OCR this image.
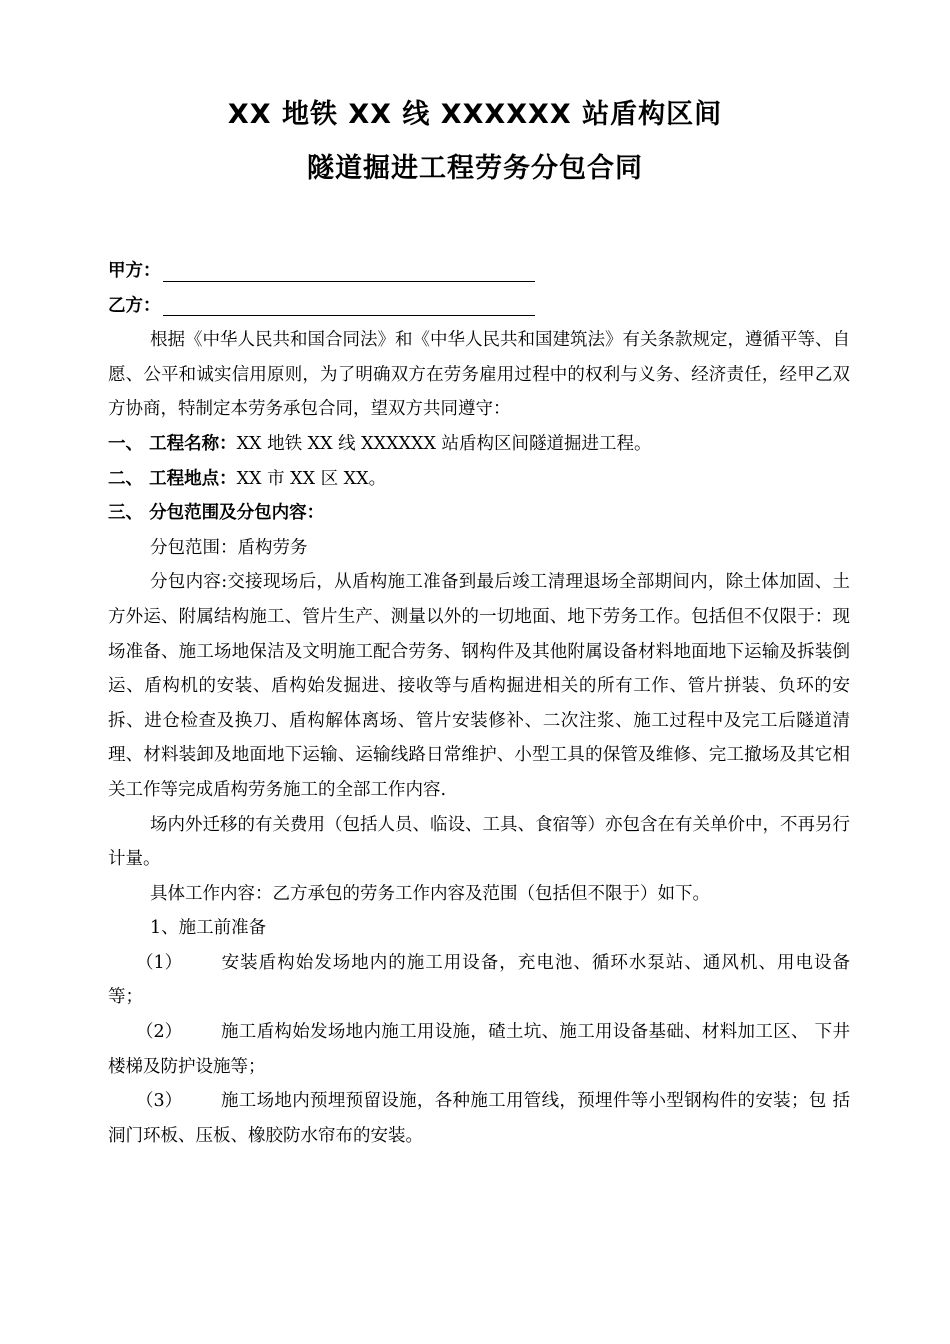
XX 地铁 XX 线 XXXXXX 站盾构区间
隧道掘进工程劳务分包合同
甲方：
乙方：

根据《中华人民共和国合同法》和《中华人民共和国建筑法》有关条款规定，遵循平等、自愿、公平和诚实信用原则，为了明确双方在劳务雇用过程中的权利与义务、经济责任，经甲乙双方协商，特制定本劳务承包合同，望双方共同遵守：

一、 工程名称：XX 地铁 XX 线 XXXXXX 站盾构区间隧道掘进工程。

二、 工程地点：XX 市 XX 区 XX。

三、 分包范围及分包内容：

分包范围：盾构劳务

分包内容:交接现场后，从盾构施工准备到最后竣工清理退场全部期间内，除土体加固、土方外运、附属结构施工、管片生产、测量以外的一切地面、地下劳务工作。包括但不仅限于：现场准备、施工场地保洁及文明施工配合劳务、钢构件及其他附属设备材料地面地下运输及拆装倒运、盾构机的安装、盾构始发掘进、接收等与盾构掘进相关的所有工作、管片拼装、负环的安拆、进仓检查及换刀、盾构解体离场、管片安装修补、二次注浆、施工过程中及完工后隧道清理、材料装卸及地面地下运输、运输线路日常维护、小型工具的保管及维修、完工撤场及其它相关工作等完成盾构劳务施工的全部工作内容.

场内外迁移的有关费用（包括人员、临设、工具、食宿等）亦包含在有关单价中，不再另行计量。

具体工作内容：乙方承包的劳务工作内容及范围（包括但不限于）如下。

1、施工前准备

（1） 安装盾构始发场地内的施工用设备，充电池、循环水泵站、通风机、用电设备 等；

（2） 施工盾构始发场地内施工用设施，碴土坑、施工用设备基础、材料加工区、 下井楼梯及防护设施等；

（3） 施工场地内预埋预留设施，各种施工用管线，预埋件等小型钢构件的安装；包 括洞门环板、压板、橡胶防水帘布的安装。
